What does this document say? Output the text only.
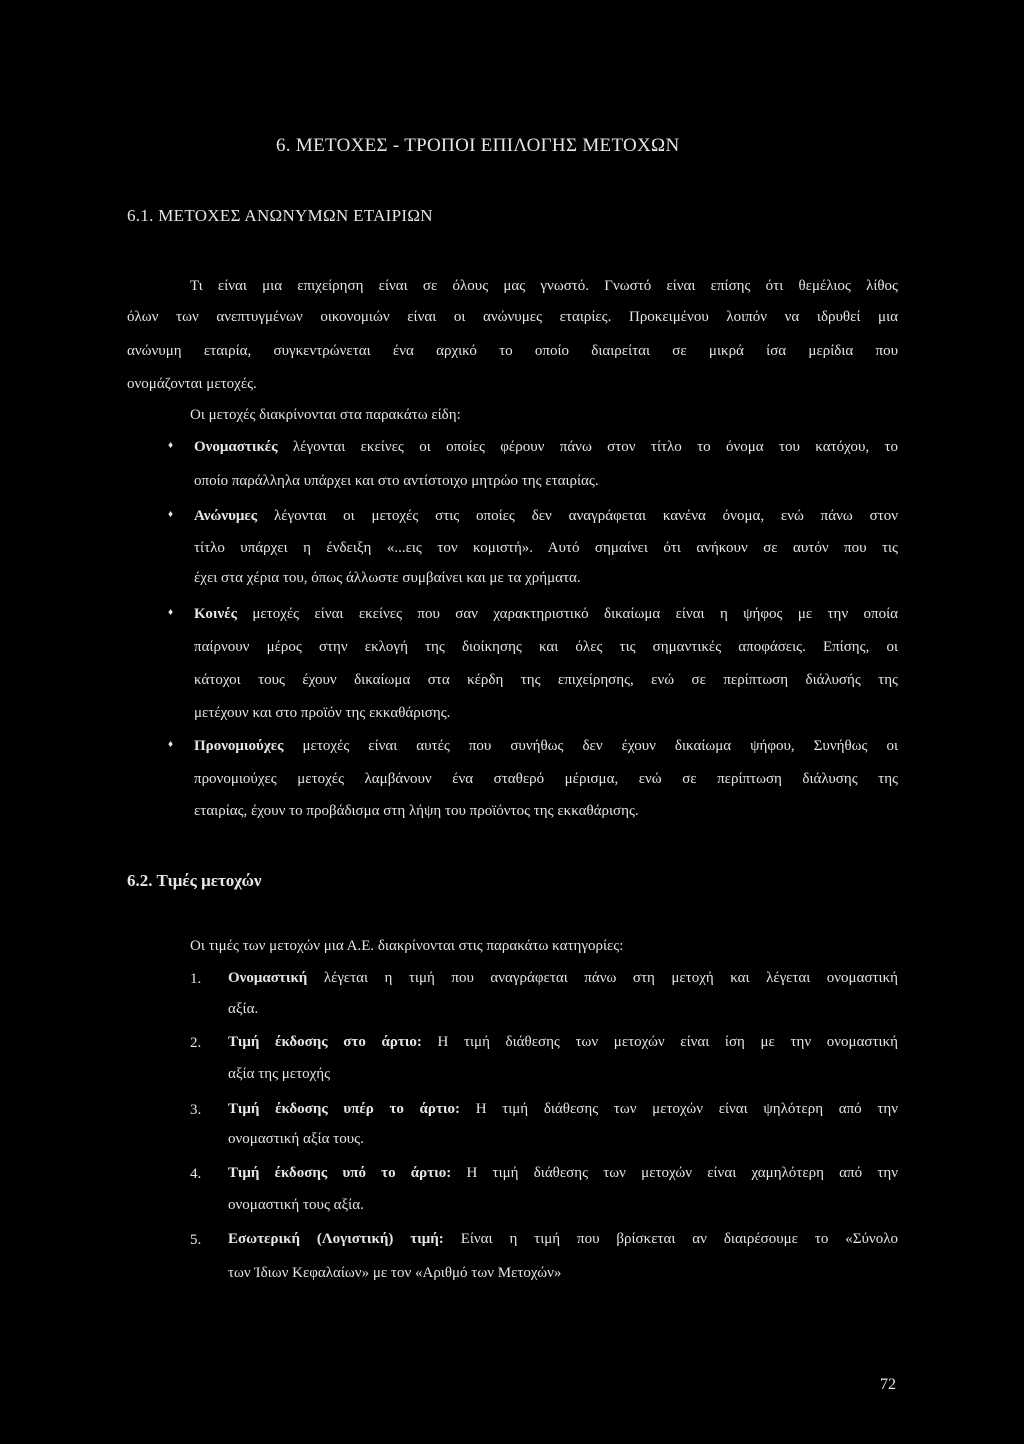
6. ΜΕΤΟΧΕΣ - ΤΡΟΠΟΙ ΕΠΙΛΟΓΗΣ ΜΕΤΟΧΩΝ
6.1. ΜΕΤΟΧΕΣ ΑΝΩΝΥΜΩΝ ΕΤΑΙΡΙΩΝ
Τι είναι μια επιχείρηση είναι σε όλους μας γνωστό. Γνωστό είναι επίσης ότι θεμέλιος λίθος
όλων των ανεπτυγμένων οικονομιών είναι οι ανώνυμες εταιρίες. Προκειμένου λοιπόν να ιδρυθεί μια
ανώνυμη εταιρία, συγκεντρώνεται ένα αρχικό το οποίο διαιρείται σε μικρά ίσα μερίδια που
ονομάζονται μετοχές.
Οι μετοχές διακρίνονται στα παρακάτω είδη:
♦ Ονομαστικές λέγονται εκείνες οι οποίες φέρουν πάνω στον τίτλο το όνομα του κατόχου, το
οποίο παράλληλα υπάρχει και στο αντίστοιχο μητρώο της εταιρίας.
♦ Ανώνυμες λέγονται οι μετοχές στις οποίες δεν αναγράφεται κανένα όνομα, ενώ πάνω στον
τίτλο υπάρχει η ένδειξη «...εις τον κομιστή». Αυτό σημαίνει ότι ανήκουν σε αυτόν που τις
έχει στα χέρια του, όπως άλλωστε συμβαίνει και με τα χρήματα.
♦ Κοινές μετοχές είναι εκείνες που σαν χαρακτηριστικό δικαίωμα είναι η ψήφος με την οποία
παίρνουν μέρος στην εκλογή της διοίκησης και όλες τις σημαντικές αποφάσεις. Επίσης, οι
κάτοχοι τους έχουν δικαίωμα στα κέρδη της επιχείρησης, ενώ σε περίπτωση διάλυσής της
μετέχουν και στο προϊόν της εκκαθάρισης.
♦ Προνομιούχες μετοχές είναι αυτές που συνήθως δεν έχουν δικαίωμα ψήφου, Συνήθως οι
προνομιούχες μετοχές λαμβάνουν ένα σταθερό μέρισμα, ενώ σε περίπτωση διάλυσης της
εταιρίας, έχουν το προβάδισμα στη λήψη του προϊόντος της εκκαθάρισης.
6.2. Τιμές μετοχών
Οι τιμές των μετοχών μια Α.Ε. διακρίνονται στις παρακάτω κατηγορίες:
1. Ονομαστική λέγεται η τιμή που αναγράφεται πάνω στη μετοχή και λέγεται ονομαστική
αξία.
2. Τιμή έκδοσης στο άρτιο: Η τιμή διάθεσης των μετοχών είναι ίση με την ονομαστική
αξία της μετοχής
3. Τιμή έκδοσης υπέρ το άρτιο: Η τιμή διάθεσης των μετοχών είναι ψηλότερη από την
ονομαστική αξία τους.
4. Τιμή έκδοσης υπό το άρτιο: Η τιμή διάθεσης των μετοχών είναι χαμηλότερη από την
ονομαστική τους αξία.
5. Εσωτερική (Λογιστική) τιμή: Είναι η τιμή που βρίσκεται αν διαιρέσουμε το «Σύνολο
των Ίδιων Κεφαλαίων» με τον «Αριθμό των Μετοχών»
72
